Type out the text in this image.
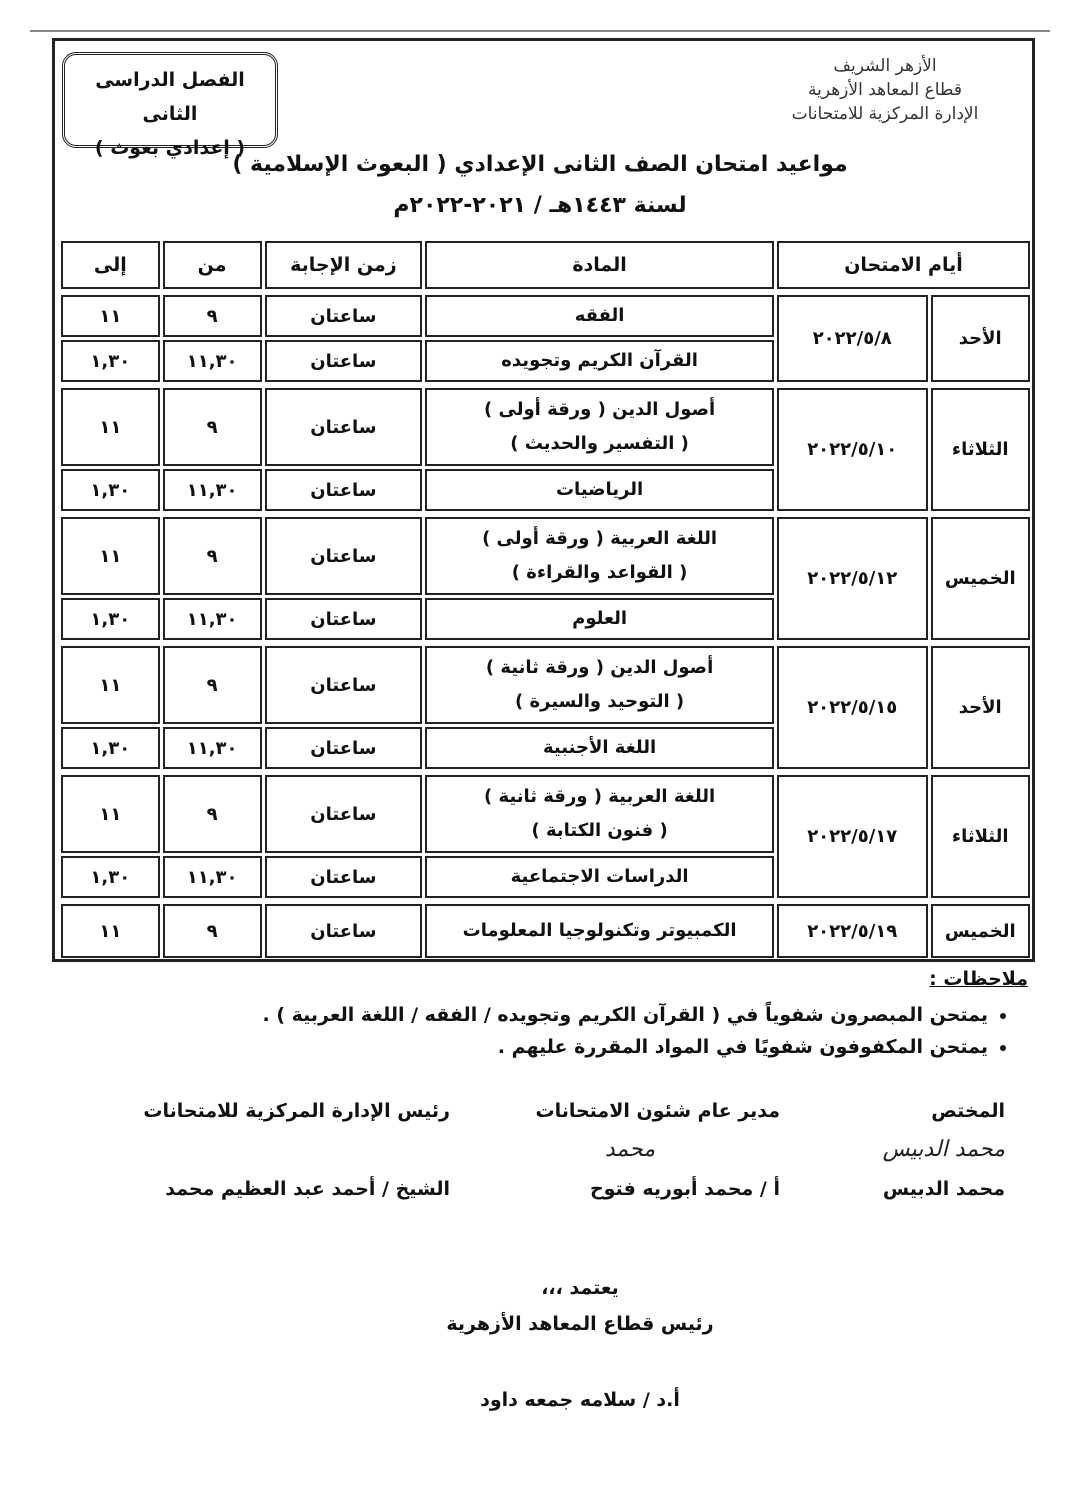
الفصل الدراسى الثانى
( إعدادي بعوث )
الأزهر الشريف
قطاع المعاهد الأزهرية
الإدارة المركزية للامتحانات
مواعيد امتحان الصف الثانى الإعدادي ( البعوث الإسلامية )
لسنة ١٤٤٣هـ / ٢٠٢١-٢٠٢٢م
أيام الامتحان		المادة	زمن الإجابة	من	إلى

الأحد	٢٠٢٢/٥/٨	الفقه	ساعتان	٩	١١

		القرآن الكريم وتجويده	ساعتان	١١,٣٠	١,٣٠

الثلاثاء	٢٠٢٢/٥/١٠	أصول الدين ( ورقة أولى )
( التفسير والحديث )	ساعتان	٩	١١

		الرياضيات	ساعتان	١١,٣٠	١,٣٠

الخميس	٢٠٢٢/٥/١٢	اللغة العربية ( ورقة أولى )
( القواعد والقراءة )	ساعتان	٩	١١

		العلوم	ساعتان	١١,٣٠	١,٣٠

الأحد	٢٠٢٢/٥/١٥	أصول الدين ( ورقة ثانية )
( التوحيد والسيرة )	ساعتان	٩	١١

		اللغة الأجنبية	ساعتان	١١,٣٠	١,٣٠

الثلاثاء	٢٠٢٢/٥/١٧	اللغة العربية ( ورقة ثانية )
( فنون الكتابة )	ساعتان	٩	١١

		الدراسات الاجتماعية	ساعتان	١١,٣٠	١,٣٠

الخميس	٢٠٢٢/٥/١٩	الكمبيوتر وتكنولوجيا المعلومات	ساعتان	٩	١١
ملاحظات :
• يمتحن المبصرون شفوياً في ( القرآن الكريم وتجويده / الفقه / اللغة العربية ) .
• يمتحن المكفوفون شفويًا في المواد المقررة عليهم .
المختص
محمد الدبيس
محمد الدبيس
مدير عام شئون الامتحانات
محمد
أ / محمد أبوريه فتوح
رئيس الإدارة المركزية للامتحانات
الشيخ / أحمد عبد العظيم محمد
يعتمد ،،،
رئيس قطاع المعاهد الأزهرية
أ.د / سلامه جمعه داود
